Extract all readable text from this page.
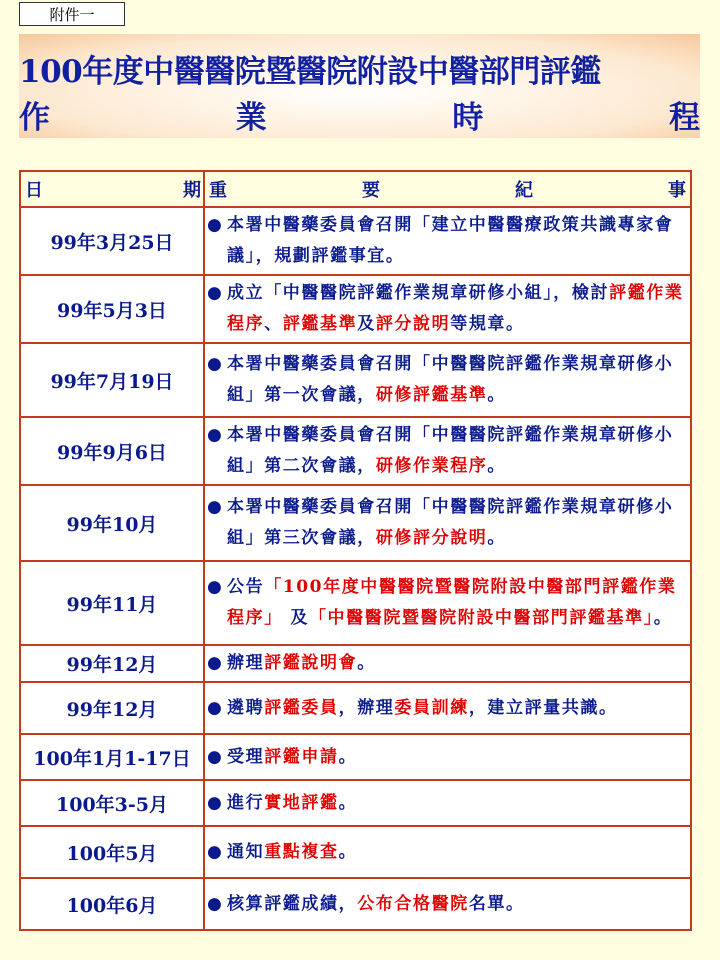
附件一
100年度中醫醫院暨醫院附設中醫部門評鑑
作	業	時	程
日 期	重 要 紀 事

99年3月25日	● 本署中醫藥委員會召開「建立中醫醫療政策共識專家會議」，規劃評鑑事宜。

99年5月3日	● 成立「中醫醫院評鑑作業規章研修小組」，檢討評鑑作業程序、評鑑基準及評分說明等規章。

99年7月19日	● 本署中醫藥委員會召開「中醫醫院評鑑作業規章研修小組」第一次會議，研修評鑑基準。

99年9月6日	● 本署中醫藥委員會召開「中醫醫院評鑑作業規章研修小組」第二次會議，研修作業程序。

99年10月	● 本署中醫藥委員會召開「中醫醫院評鑑作業規章研修小組」第三次會議，研修評分說明。

99年11月	● 公告「100年度中醫醫院暨醫院附設中醫部門評鑑作業程序」 及「中醫醫院暨醫院附設中醫部門評鑑基準」。

99年12月	● 辦理評鑑說明會。

99年12月	● 遴聘評鑑委員，辦理委員訓練，建立評量共識。

100年1月1-17日	● 受理評鑑申請。

100年3-5月	● 進行實地評鑑。

100年5月	● 通知重點複查。

100年6月	● 核算評鑑成績，公布合格醫院名單。
